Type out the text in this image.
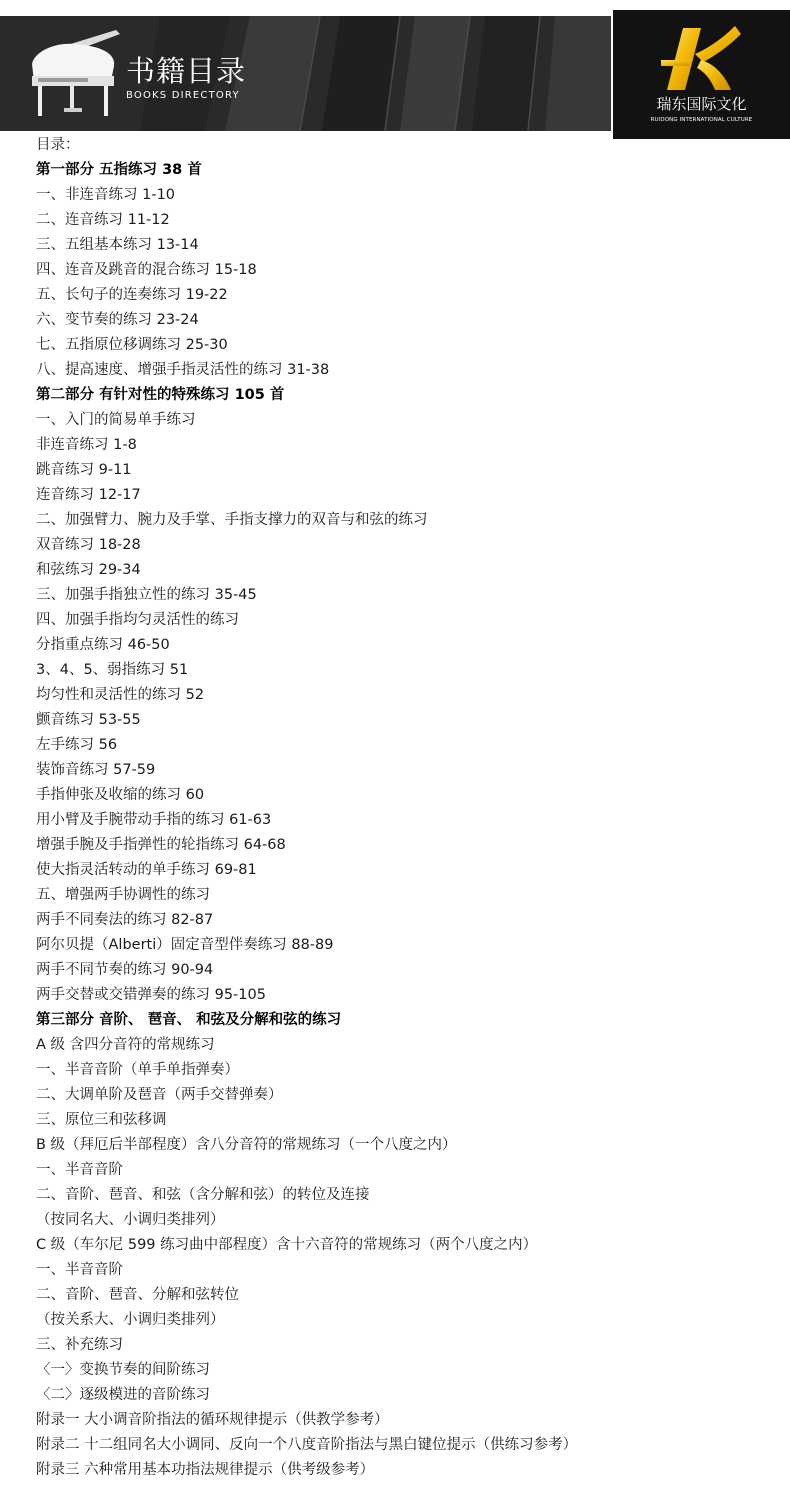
书籍目录
BOOKS DIRECTORY	瑞东国际文化
RUIDONG INTERNATIONAL CULTURE
目录：
第一部分 五指练习 38 首
一、非连音练习 1-10
二、连音练习 11-12
三、五组基本练习 13-14
四、连音及跳音的混合练习 15-18
五、长句子的连奏练习 19-22
六、变节奏的练习 23-24
七、五指原位移调练习 25-30
八、提高速度、增强手指灵活性的练习 31-38
第二部分 有针对性的特殊练习 105 首
一、入门的简易单手练习
非连音练习 1-8
跳音练习 9-11
连音练习 12-17
二、加强臂力、腕力及手掌、手指支撑力的双音与和弦的练习
双音练习 18-28
和弦练习 29-34
三、加强手指独立性的练习 35-45
四、加强手指均匀灵活性的练习
分指重点练习 46-50
3、4、5、弱指练习 51
均匀性和灵活性的练习 52
颤音练习 53-55
左手练习 56
装饰音练习 57-59
手指伸张及收缩的练习 60
用小臂及手腕带动手指的练习 61-63
增强手腕及手指弹性的轮指练习 64-68
使大指灵活转动的单手练习 69-81
五、增强两手协调性的练习
两手不同奏法的练习 82-87
阿尔贝提（Alberti）固定音型伴奏练习 88-89
两手不同节奏的练习 90-94
两手交替或交错弹奏的练习 95-105
第三部分 音阶、 琶音、 和弦及分解和弦的练习
A 级 含四分音符的常规练习
一、半音音阶（单手单指弹奏）
二、大调单阶及琶音（两手交替弹奏）
三、原位三和弦移调
B 级（拜厄后半部程度）含八分音符的常规练习（一个八度之内）
一、半音音阶
二、音阶、琶音、和弦（含分解和弦）的转位及连接
（按同名大、小调归类排列）
C 级（车尔尼 599 练习曲中部程度）含十六音符的常规练习（两个八度之内）
一、半音音阶
二、音阶、琶音、分解和弦转位
（按关系大、小调归类排列）
三、补充练习
〈一〉变换节奏的间阶练习
〈二〉逐级模进的音阶练习
附录一 大小调音阶指法的循环规律提示（供教学参考）
附录二 十二组同名大小调同、反向一个八度音阶指法与黑白键位提示（供练习参考）
附录三 六种常用基本功指法规律提示（供考级参考）
